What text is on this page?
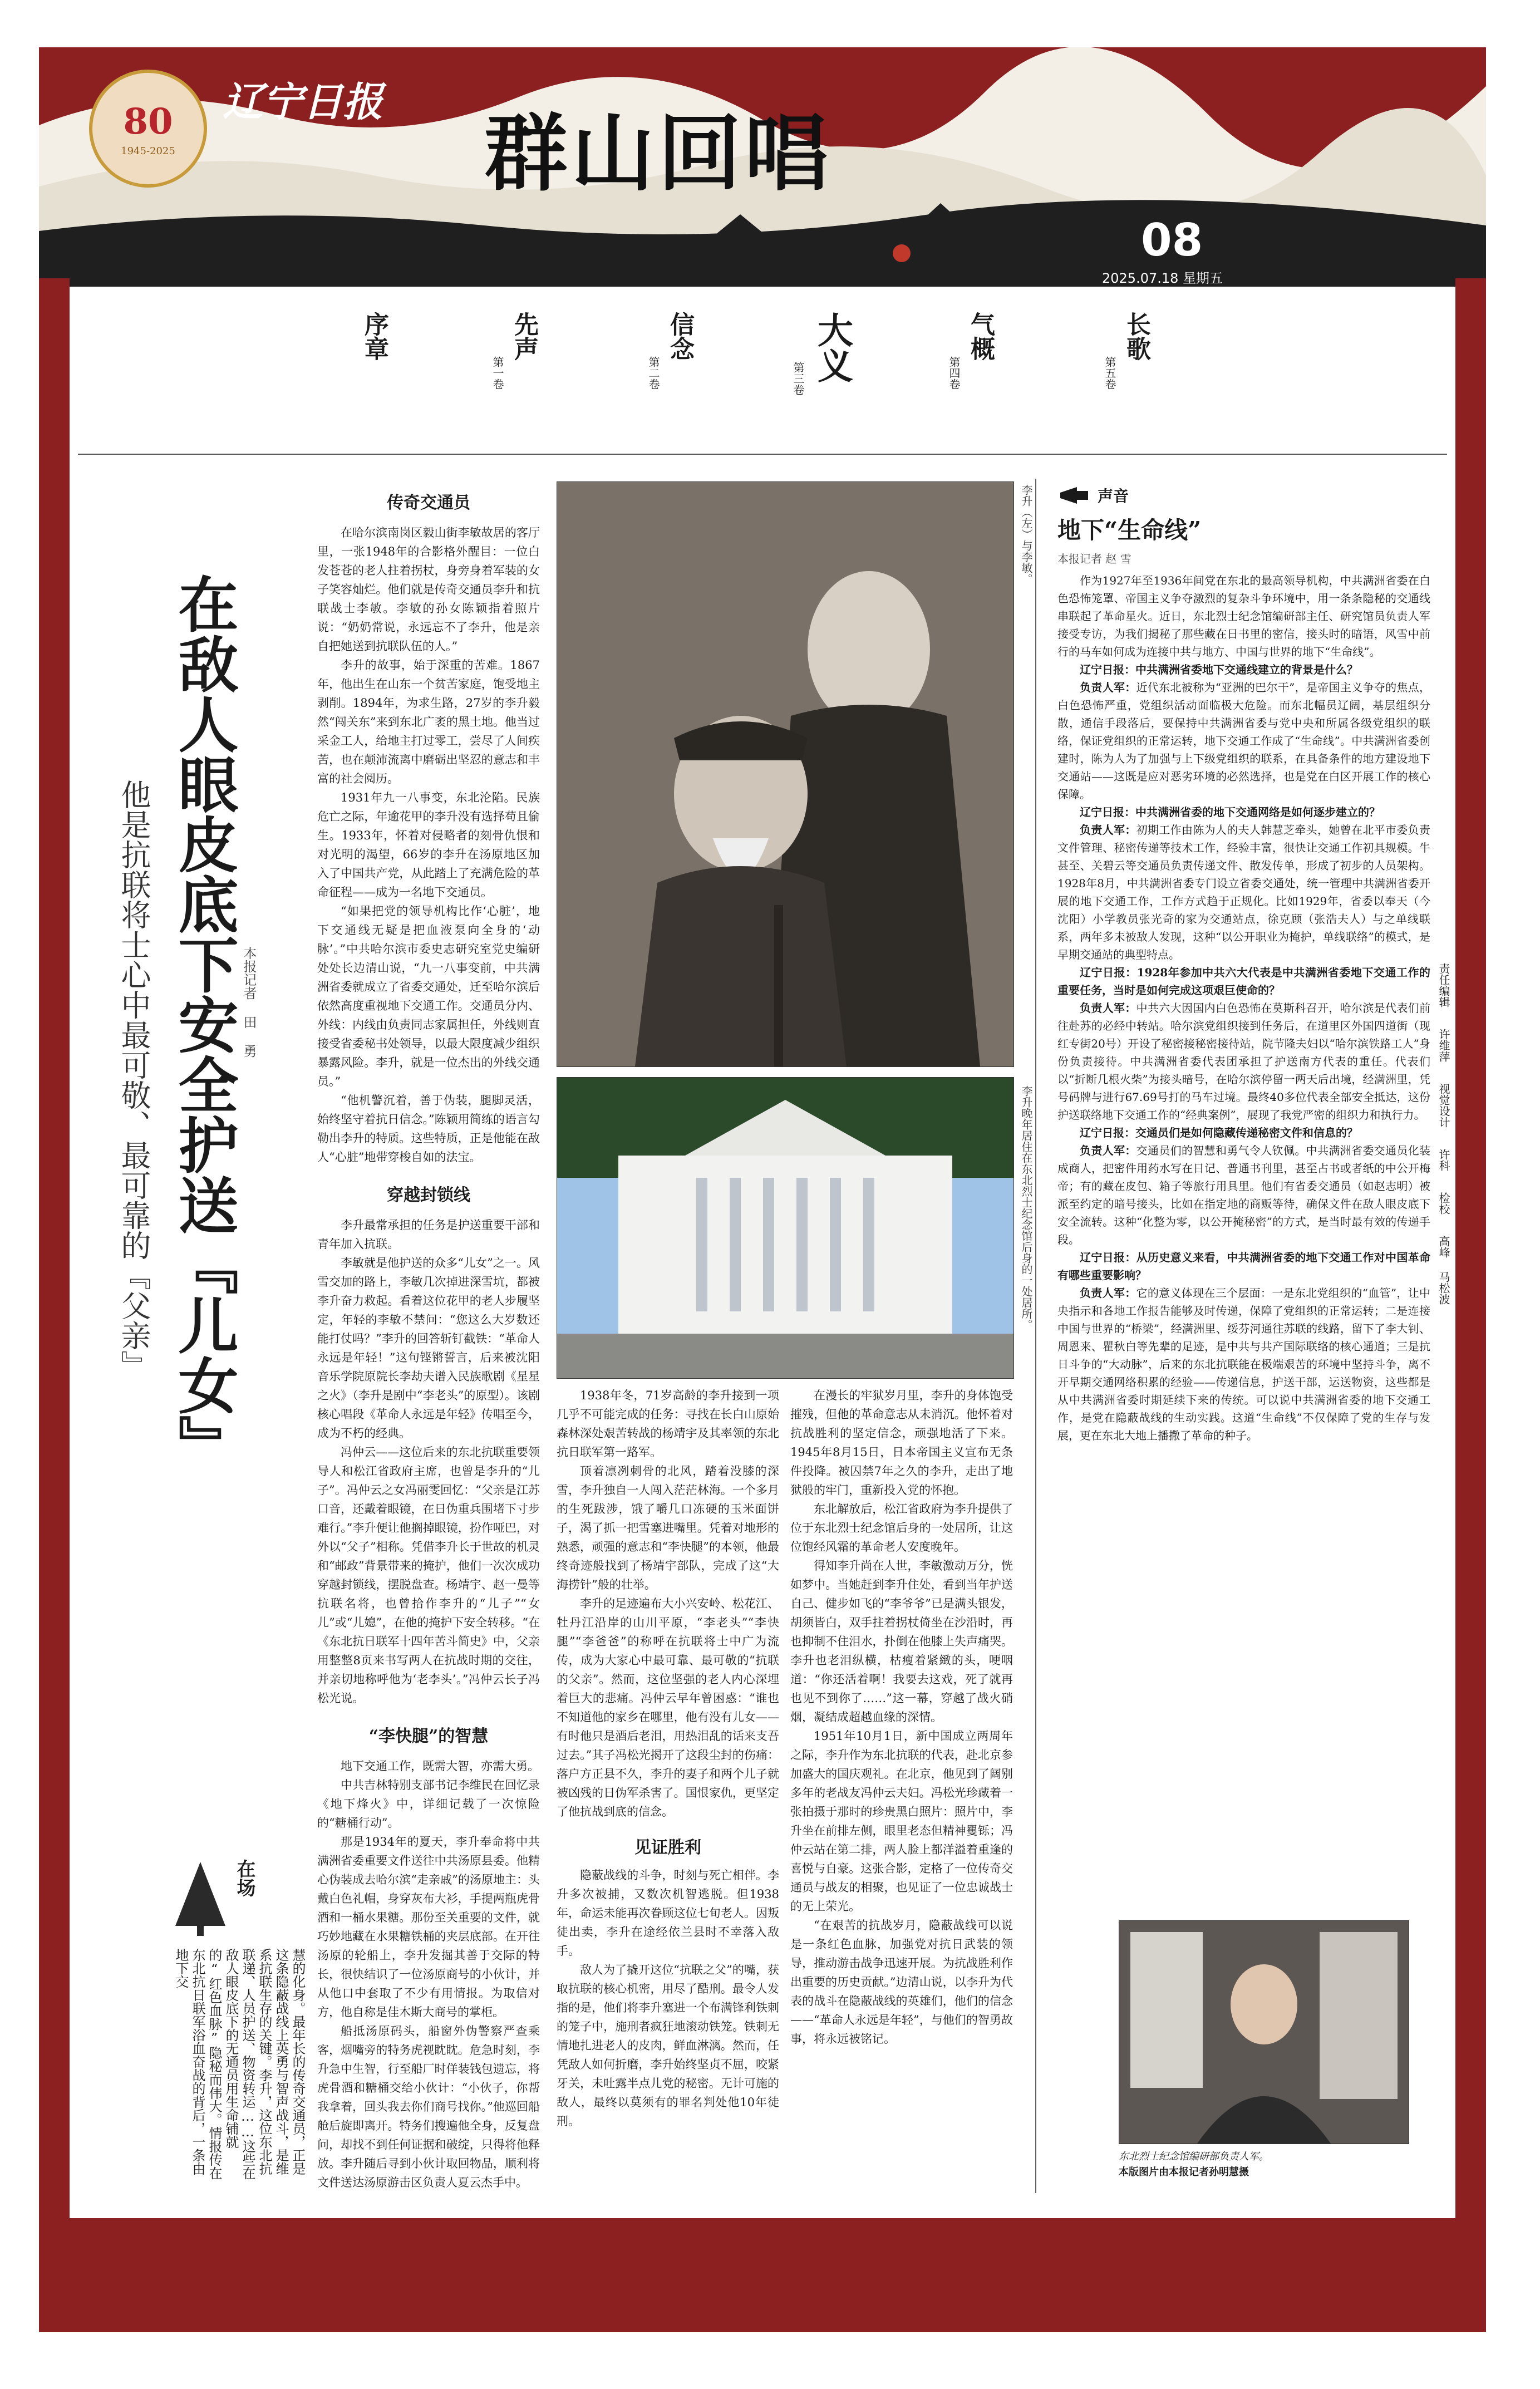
80
1945-2025
辽宁日报
群山回唱
08
2025.07.18 星期五
序章
第一卷
先声
第二卷
信念
第三卷 大义	第四卷
气概
第五卷
长歌
在敌人眼皮底下安全护送『儿女』
他是抗联将士心中最可敬、最可靠的『父亲』	本报记者 田 勇
传奇交通员

在哈尔滨南岗区毅山街李敏故居的客厅里，一张1948年的合影格外醒目：一位白发苍苍的老人拄着拐杖，身旁身着军装的女子笑容灿烂。他们就是传奇交通员李升和抗联战士李敏。李敏的孙女陈颖指着照片说：“奶奶常说，永远忘不了李升，他是亲自把她送到抗联队伍的人。”

李升的故事，始于深重的苦难。1867年，他出生在山东一个贫苦家庭，饱受地主剥削。1894年，为求生路，27岁的李升毅然“闯关东”来到东北广袤的黑土地。他当过采金工人，给地主打过零工，尝尽了人间疾苦，也在颠沛流离中磨砺出坚忍的意志和丰富的社会阅历。

1931年九一八事变，东北沦陷。民族危亡之际，年逾花甲的李升没有选择苟且偷生。1933年，怀着对侵略者的刻骨仇恨和对光明的渴望，66岁的李升在汤原地区加入了中国共产党，从此踏上了充满危险的革命征程——成为一名地下交通员。

“如果把党的领导机构比作‘心脏’，地下交通线无疑是把血液泵向全身的‘动脉’。”中共哈尔滨市委史志研究室党史编研处处长边清山说，“九一八事变前，中共满洲省委就成立了省委交通处，迁至哈尔滨后依然高度重视地下交通工作。交通员分内、外线：内线由负责同志家属担任，外线则直接受省委秘书处领导，以最大限度减少组织暴露风险。李升，就是一位杰出的外线交通员。”

“他机警沉着，善于伪装，腿脚灵活，始终坚守着抗日信念。”陈颖用简练的语言勾勒出李升的特质。这些特质，正是他能在敌人“心脏”地带穿梭自如的法宝。

穿越封锁线

李升最常承担的任务是护送重要干部和青年加入抗联。

李敏就是他护送的众多“儿女”之一。风雪交加的路上，李敏几次掉进深雪坑，都被李升奋力救起。看着这位花甲的老人步履坚定，年轻的李敏不禁问：“您这么大岁数还能打仗吗？”李升的回答斩钉截铁：“革命人永远是年轻！”这句铿锵誓言，后来被沈阳音乐学院原院长李劫夫谱入民族歌剧《星星之火》（李升是剧中“李老头”的原型）。该剧核心唱段《革命人永远是年轻》传唱至今，成为不朽的经典。

冯仲云——这位后来的东北抗联重要领导人和松江省政府主席，也曾是李升的“儿子”。冯仲云之女冯丽雯回忆：“父亲是江苏口音，还戴着眼镜，在日伪重兵围堵下寸步难行。”李升便让他搁掉眼镜，扮作哑巴，对外以“父子”相称。凭借李升长于世故的机灵和“邮政”背景带来的掩护，他们一次次成功穿越封锁线，摆脱盘查。杨靖宇、赵一曼等抗联名将，也曾拾作李升的“儿子”“女儿”或“儿媳”，在他的掩护下安全转移。“在《东北抗日联军十四年苦斗简史》中，父亲用整整8页来书写两人在抗战时期的交往，并亲切地称呼他为‘老李头’。”冯仲云长子冯松光说。

“李快腿”的智慧

地下交通工作，既需大智，亦需大勇。

中共吉林特别支部书记李维民在回忆录《地下烽火》中，详细记载了一次惊险的“糖桶行动”。

那是1934年的夏天，李升奉命将中共满洲省委重要文件送往中共汤原县委。他精心伪装成去哈尔滨“走亲戚”的汤原地主：头戴白色礼帽，身穿灰布大衫，手提两瓶虎骨酒和一桶水果糖。那份至关重要的文件，就巧妙地藏在水果糖铁桶的夹层底部。在开往汤原的轮船上，李升发掘其善于交际的特长，很快结识了一位汤原商号的小伙计，并从他口中套取了不少有用情报。为取信对方，他自称是佳木斯大商号的掌柜。

船抵汤原码头，船窗外伪警察严查乘客，烟嘴旁的特务虎视眈眈。危急时刻，李升急中生智，行至船厂时佯装钱包遗忘，将虎骨酒和糖桶交给小伙计：“小伙子，你帮我拿着，回头我去你们商号找你。”他巡回船舱后旋即离开。特务们搜遍他全身，反复盘问，却找不到任何证据和破绽，只得将他释放。李升随后寻到小伙计取回物品，顺利将文件送达汤原游击区负责人夏云杰手中。

李升（左）与李敏。
李升晚年居住在东北烈士纪念馆后身的一处居所。

1938年冬，71岁高龄的李升接到一项几乎不可能完成的任务：寻找在长白山原始森林深处艰苦转战的杨靖宇及其率领的东北抗日联军第一路军。

顶着凛冽刺骨的北风，踏着没膝的深雪，李升独自一人闯入茫茫林海。一个多月的生死跋涉，饿了嚼几口冻硬的玉米面饼子，渴了抓一把雪塞进嘴里。凭着对地形的熟悉，顽强的意志和“李快腿”的本领，他最终奇迹般找到了杨靖宇部队，完成了这“大海捞针”般的壮举。

李升的足迹遍布大小兴安岭、松花江、牡丹江沿岸的山川平原，“李老头”“李快腿”“李爸爸”的称呼在抗联将士中广为流传，成为大家心中最可靠、最可敬的“抗联的父亲”。然而，这位坚强的老人内心深埋着巨大的悲痛。冯仲云早年曾困惑：“谁也不知道他的家乡在哪里，他有没有儿女——有时他只是酒后老泪，用热泪乱的话来支吾过去。”其子冯松光揭开了这段尘封的伤痛：落户方正县不久，李升的妻子和两个儿子就被凶残的日伪军杀害了。国恨家仇，更坚定了他抗战到底的信念。

见证胜利

隐蔽战线的斗争，时刻与死亡相伴。李升多次被捕，又数次机智逃脱。但1938年，命运未能再次眷顾这位七旬老人。因叛徒出卖，李升在途经依兰县时不幸落入敌手。

敌人为了撬开这位“抗联之父”的嘴，获取抗联的核心机密，用尽了酷刑。最令人发指的是，他们将李升塞进一个布满锋利铁刺的笼子中，施刑者疯狂地滚动铁笼。铁刺无情地扎进老人的皮肉，鲜血淋漓。然而，任凭敌人如何折磨，李升始终坚贞不屈，咬紧牙关，未吐露半点儿党的秘密。无计可施的敌人，最终以莫须有的罪名判处他10年徒刑。

在漫长的牢狱岁月里，李升的身体饱受摧残，但他的革命意志从未消沉。他怀着对抗战胜利的坚定信念，顽强地活了下来。1945年8月15日，日本帝国主义宣布无条件投降。被囚禁7年之久的李升，走出了地狱般的牢门，重新投入党的怀抱。

东北解放后，松江省政府为李升提供了位于东北烈士纪念馆后身的一处居所，让这位饱经风霜的革命老人安度晚年。

得知李升尚在人世，李敏激动万分，恍如梦中。当她赶到李升住处，看到当年护送自己、健步如飞的“李爷爷”已是满头银发，胡须皆白，双手拄着拐杖倚坐在沙沿时，再也抑制不住泪水，扑倒在他膝上失声痛哭。李升也老泪纵横，枯瘦着紧緻的头，哽咽道：“你还活着啊！我要去这戏，死了就再也见不到你了……”这一幕，穿越了战火硝烟，凝结成超越血缘的深情。

1951年10月1日，新中国成立两周年之际，李升作为东北抗联的代表，赴北京参加盛大的国庆观礼。在北京，他见到了阔别多年的老战友冯仲云夫妇。冯松光珍藏着一张拍摄于那时的珍贵黑白照片：照片中，李升坐在前排左侧，眼里老态但精神矍铄；冯仲云站在第二排，两人脸上都洋溢着重逢的喜悦与自豪。这张合影，定格了一位传奇交通员与战友的相聚，也见证了一位忠诚战士的无上荣光。

“在艰苦的抗战岁月，隐蔽战线可以说是一条红色血脉，加强党对抗日武装的领导，推动游击战争迅速开展。为抗战胜利作出重要的历史贡献。”边清山说，以李升为代表的战斗在隐蔽战线的英雄们，他们的信念——“革命人永远是年轻”，与他们的智勇故事，将永远被铭记。

在场
慧的化身。最年长的传奇交通员，正是这条隐蔽战线上英勇与智声战斗，是维系抗联生存的关键。李升，这位东北抗联递、人员护送、物资转运……这些在敌人眼皮底下的无通员用生命铺就的“红色血脉”隐秘而伟大。情报传在东北抗日联军浴血奋战的背后，一条由地下交
声音
地下“生命线”
本报记者 赵 雪

作为1927年至1936年间党在东北的最高领导机构，中共满洲省委在白色恐怖笼罩、帝国主义争夺激烈的复杂斗争环境中，用一条条隐秘的交通线串联起了革命星火。近日，东北烈士纪念馆编研部主任、研究馆员负责人军接受专访，为我们揭秘了那些藏在日书里的密信，接头时的暗语，风雪中前行的马车如何成为连接中共与地方、中国与世界的地下“生命线”。

辽宁日报：中共满洲省委地下交通线建立的背景是什么？

负责人军：近代东北被称为“亚洲的巴尔干”，是帝国主义争夺的焦点，白色恐怖严重，党组织活动面临极大危险。而东北幅员辽阔，基层组织分散，通信手段落后，要保持中共满洲省委与党中央和所属各级党组织的联络，保证党组织的正常运转，地下交通工作成了“生命线”。中共满洲省委创建时，陈为人为了加强与上下级党组织的联系，在具备条件的地方建设地下交通站——这既是应对恶劣环境的必然选择，也是党在白区开展工作的核心保障。

辽宁日报：中共满洲省委的地下交通网络是如何逐步建立的？

负责人军：初期工作由陈为人的夫人韩慧芝牵头，她曾在北平市委负责文件管理、秘密传递等技术工作，经验丰富，很快让交通工作初具规模。牛甚至、关碧云等交通员负责传递文件、散发传单，形成了初步的人员架构。1928年8月，中共满洲省委专门设立省委交通处，统一管理中共满洲省委开展的地下交通工作，工作方式趋于正规化。比如1929年，省委以奉天（今沈阳）小学教员张光奇的家为交通站点，徐克顾（张浩夫人）与之单线联系，两年多未被敌人发现，这种“以公开职业为掩护，单线联络”的模式，是早期交通站的典型特点。

辽宁日报：1928年参加中共六大代表是中共满洲省委地下交通工作的重要任务，当时是如何完成这项艰巨使命的？

负责人军：中共六大因国内白色恐怖在莫斯科召开，哈尔滨是代表们前往赴苏的必经中转站。哈尔滨党组织接到任务后，在道里区外国四道街（现红专街20号）开设了秘密接秘密接待站，院节隆夫妇以“哈尔滨铁路工人”身份负责接待。中共满洲省委代表团承担了护送南方代表的重任。代表们以“折断几根火柴”为接头暗号，在哈尔滨停留一两天后出境，经满洲里，凭号码牌与进行67.69号打的马车过境。最终40多位代表全部安全抵达，这份护送联络地下交通工作的“经典案例”，展现了我党严密的组织力和执行力。

辽宁日报：交通员们是如何隐藏传递秘密文件和信息的？

负责人军：交通员们的智慧和勇气令人钦佩。中共满洲省委交通员化装成商人，把密件用药水写在日记、普通书刊里，甚至占书或者纸的中公开梅帝；有的藏在皮包、箱子等旅行用具里。他们有省委交通员（如赵志明）被派至约定的暗号接头，比如在指定地的商贩等待，确保文件在敌人眼皮底下安全流转。这种“化整为零，以公开掩秘密”的方式，是当时最有效的传递手段。

辽宁日报：从历史意义来看，中共满洲省委的地下交通工作对中国革命有哪些重要影响？

负责人军：它的意义体现在三个层面：一是东北党组织的“血管”，让中央指示和各地工作报告能够及时传递，保障了党组织的正常运转；二是连接中国与世界的“桥梁”，经满洲里、绥芬河通往苏联的线路，留下了李大钊、周恩来、瞿秋白等先辈的足迹，是中共与共产国际联络的核心通道；三是抗日斗争的“大动脉”，后来的东北抗联能在极端艰苦的环境中坚持斗争，离不开早期交通网络积累的经验——传递信息，护送干部，运送物资，这些都是从中共满洲省委时期延续下来的传统。可以说中共满洲省委的地下交通工作，是党在隐蔽战线的生动实践。这道“生命线”不仅保障了党的生存与发展，更在东北大地上播撒了革命的种子。

东北烈士纪念馆编研部负责人军。
本版图片由本报记者孙明慧摄
责任编辑 许维萍 视觉设计 许科 检校 高峰 马松波
